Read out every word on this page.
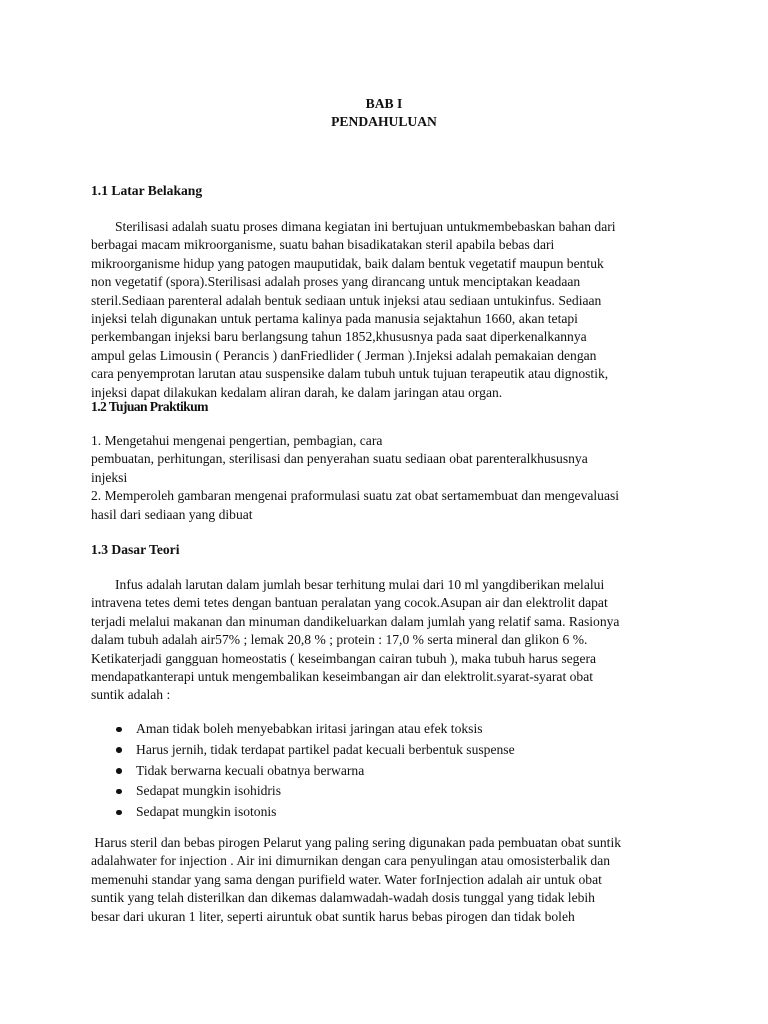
BAB I
PENDAHULUAN
1.1 Latar Belakang
Sterilisasi adalah suatu proses dimana kegiatan ini bertujuan untukmembebaskan bahan dari
berbagai macam mikroorganisme, suatu bahan bisadikatakan steril apabila bebas dari
mikroorganisme hidup yang patogen mauputidak, baik dalam bentuk vegetatif maupun bentuk
non vegetatif (spora).Sterilisasi adalah proses yang dirancang untuk menciptakan keadaan
steril.Sediaan parenteral adalah bentuk sediaan untuk injeksi atau sediaan untukinfus. Sediaan
injeksi telah digunakan untuk pertama kalinya pada manusia sejaktahun 1660, akan tetapi
perkembangan injeksi baru berlangsung tahun 1852,khususnya pada saat diperkenalkannya
ampul gelas Limousin ( Perancis ) danFriedlider ( Jerman ).Injeksi adalah pemakaian dengan
cara penyemprotan larutan atau suspensike dalam tubuh untuk tujuan terapeutik atau dignostik,
injeksi dapat dilakukan kedalam aliran darah, ke dalam jaringan atau organ.
1.2 Tujuan Praktikum
1. Mengetahui mengenai pengertian, pembagian, cara
pembuatan, perhitungan, sterilisasi dan penyerahan suatu sediaan obat parenteralkhususnya
injeksi
2. Memperoleh gambaran mengenai praformulasi suatu zat obat sertamembuat dan mengevaluasi
hasil dari sediaan yang dibuat
1.3 Dasar Teori
Infus adalah larutan dalam jumlah besar terhitung mulai dari 10 ml yangdiberikan melalui
intravena tetes demi tetes dengan bantuan peralatan yang cocok.Asupan air dan elektrolit dapat
terjadi melalui makanan dan minuman dandikeluarkan dalam jumlah yang relatif sama. Rasionya
dalam tubuh adalah air57% ; lemak 20,8 % ; protein : 17,0 % serta mineral dan glikon 6 %.
Ketikaterjadi gangguan homeostatis ( keseimbangan cairan tubuh ), maka tubuh harus segera
mendapatkanterapi untuk mengembalikan keseimbangan air dan elektrolit.syarat-syarat obat
suntik adalah :
Aman tidak boleh menyebabkan iritasi jaringan atau efek toksis
Harus jernih, tidak terdapat partikel padat kecuali berbentuk suspense
Tidak berwarna kecuali obatnya berwarna
Sedapat mungkin isohidris
Sedapat mungkin isotonis
Harus steril dan bebas pirogen Pelarut yang paling sering digunakan pada pembuatan obat suntik
adalahwater for injection . Air ini dimurnikan dengan cara penyulingan atau omosisterbalik dan
memenuhi standar yang sama dengan purifield water. Water forInjection adalah air untuk obat
suntik yang telah disterilkan dan dikemas dalamwadah-wadah dosis tunggal yang tidak lebih
besar dari ukuran 1 liter, seperti airuntuk obat suntik harus bebas pirogen dan tidak boleh
